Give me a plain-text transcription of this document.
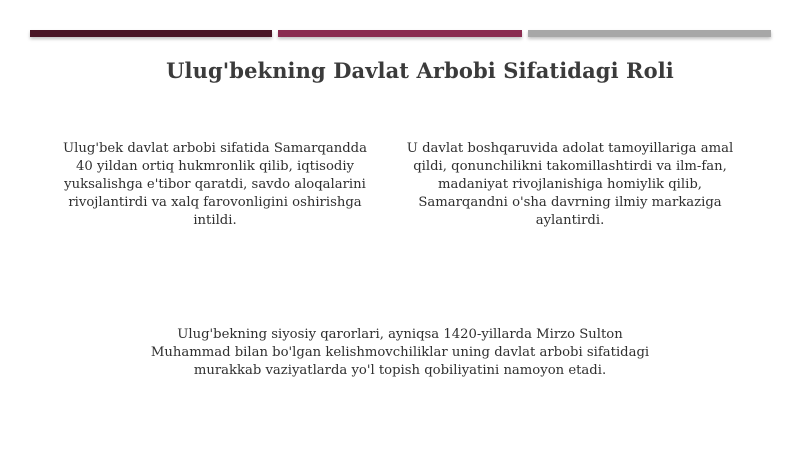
Ulug'bekning Davlat Arbobi Sifatidagi Roli
Ulug'bek davlat arbobi sifatida Samarqandda 40 yildan ortiq hukmronlik qilib, iqtisodiy yuksalishga e'tibor qaratdi, savdo aloqalarini rivojlantirdi va xalq farovonligini oshirishga intildi.
U davlat boshqaruvida adolat tamoyillariga amal qildi, qonunchilikni takomillashtirdi va ilm-fan, madaniyat rivojlanishiga homiylik qilib, Samarqandni o'sha davrning ilmiy markaziga aylantirdi.
Ulug'bekning siyosiy qarorlari, ayniqsa 1420-yillarda Mirzo Sulton Muhammad bilan bo'lgan kelishmovchiliklar uning davlat arbobi sifatidagi murakkab vaziyatlarda yo'l topish qobiliyatini namoyon etadi.
